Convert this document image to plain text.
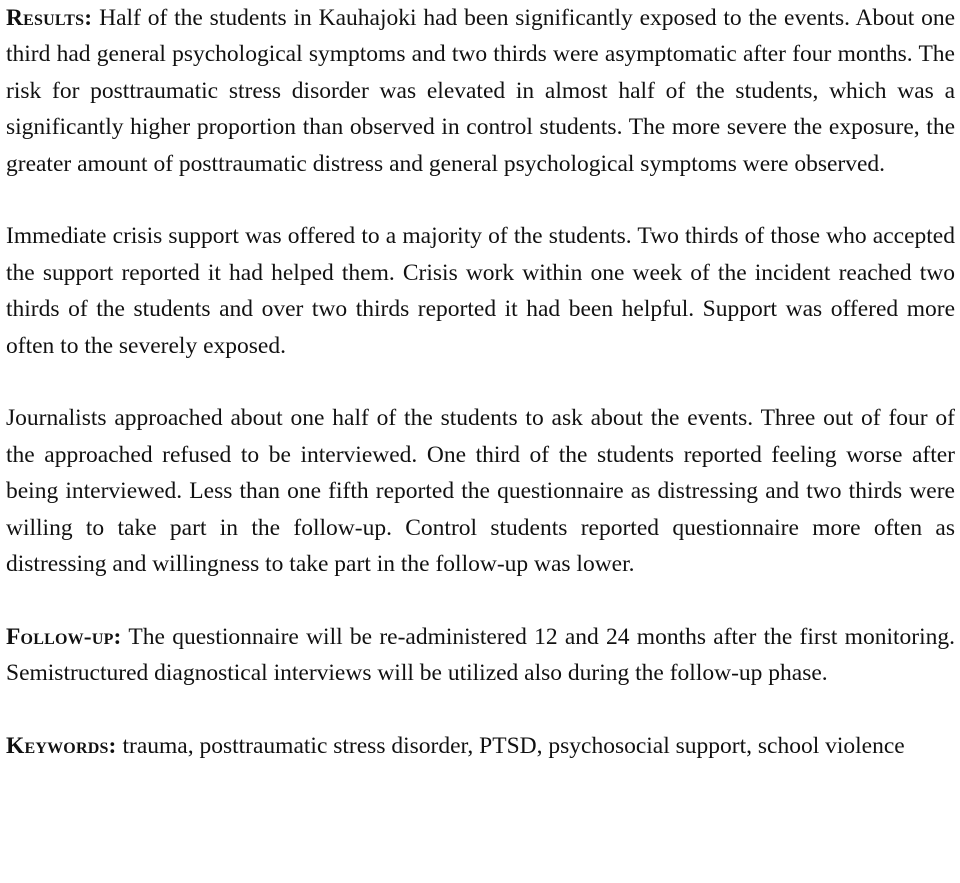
Results: Half of the students in Kauhajoki had been significantly exposed to the events. About one third had general psychological symptoms and two thirds were asymptomatic after four months. The risk for posttraumatic stress disorder was elevated in almost half of the students, which was a significantly higher proportion than observed in control students. The more severe the exposure, the greater amount of posttraumatic distress and general psychological symptoms were observed.

Immediate crisis support was offered to a majority of the students. Two thirds of those who accepted the support reported it had helped them. Crisis work within one week of the incident reached two thirds of the students and over two thirds reported it had been helpful. Support was offered more often to the severely exposed.

Journalists approached about one half of the students to ask about the events. Three out of four of the approached refused to be interviewed. One third of the students reported feeling worse after being interviewed. Less than one fifth reported the questionnaire as distressing and two thirds were willing to take part in the follow-up. Control students reported questionnaire more often as distressing and willingness to take part in the follow-up was lower.

Follow-up: The questionnaire will be re-administered 12 and 24 months after the first monitoring. Semistructured diagnostical interviews will be utilized also during the follow-up phase.

Keywords: trauma, posttraumatic stress disorder, PTSD, psychosocial support, school violence
